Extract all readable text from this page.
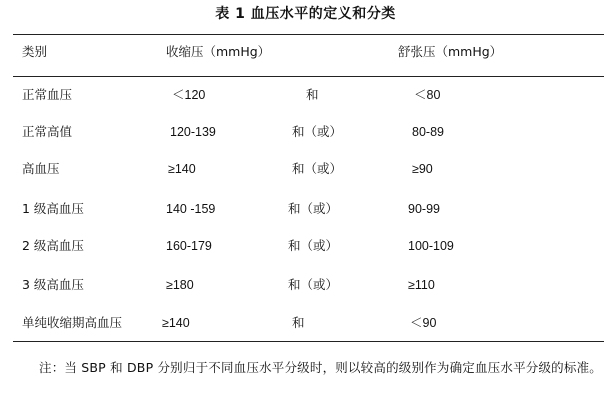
表 1 血压水平的定义和分类
类别	收缩压（mmHg）	舒张压（mmHg）
正常血压	＜120	和	＜80
正常高值	120-139	和（或）	80-89
高血压	≥140	和（或）	≥90
1 级高血压	140 -159	和（或）	90-99
2 级高血压	160-179	和（或）	100-109
3 级高血压	≥180	和（或）	≥110
单纯收缩期高血压	≥140	和	＜90
注：当 SBP 和 DBP 分别归于不同血压水平分级时，则以较高的级别作为确定血压水平分级的标准。
